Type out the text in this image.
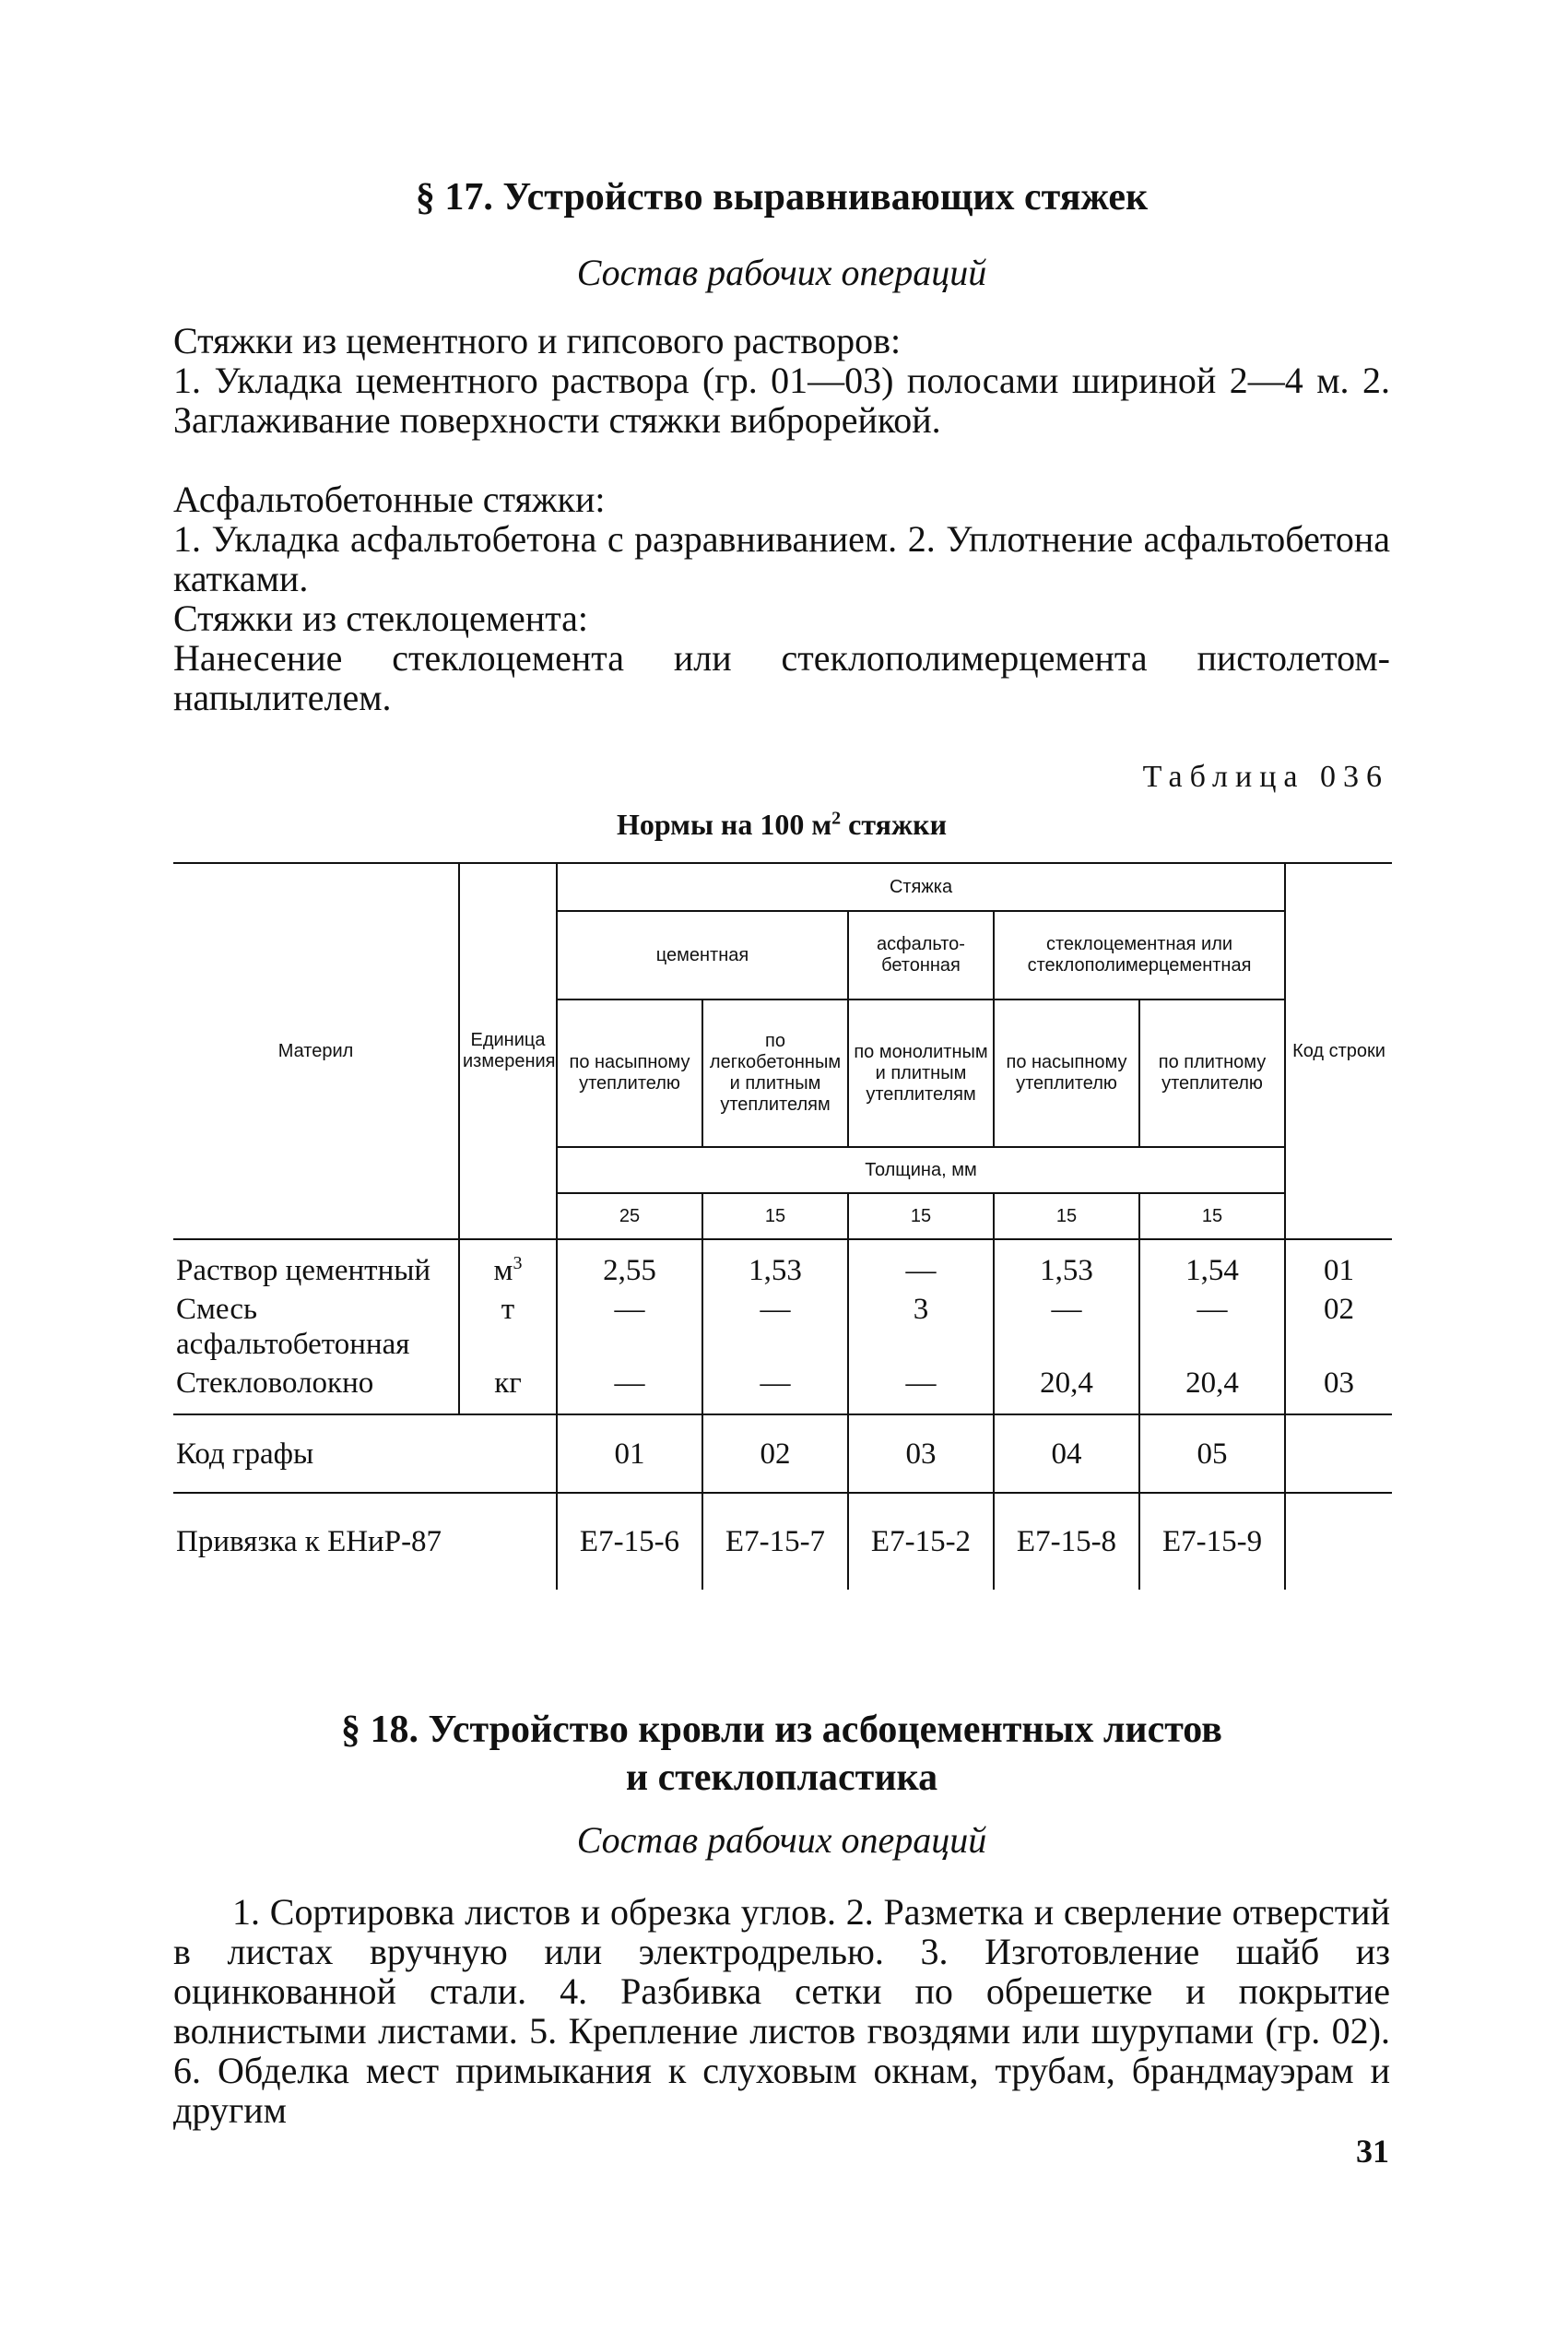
§ 17. Устройство выравнивающих стяжек

Состав рабочих операций

Стяжки из цементного и гипсового растворов:

1. Укладка цементного раствора (гр. 01—03) полосами шириной 2—4 м. 2. Заглаживание поверхности стяжки виброрейкой.

Асфальтобетонные стяжки:

1. Укладка асфальтобетона с разравниванием. 2. Уплотнение асфальтобетона катками.

Стяжки из стеклоцемента:

Нанесение стеклоцемента или стеклополимерцемента пистолетом-напылителем.

Таблица 036
Нормы на 100 $м^2$ стяжки
Материл	Единица измерения	Стяжка					Код строки
		цементная		асфальто-бетонная	стеклоцементная или стеклополимерцементная		
		по насыпному утеплителю	по легкобетонным и плитным утеплителям	по монолитным и плитным утеплителям	по насыпному утеплителю	по плитному утеплителю	
		Толщина, мм					
		25	15	15	15	15	
Раствор цементный	$м^3$	2,55	1,53	—	1,53	1,54	01
Смесь асфальтобетонная	т	—	—	3	—	—	02
Стекловолокно	кг	—	—	—	20,4	20,4	03
Код графы		01	02	03	04	05	
Привязка к ЕНиР-87		Е7-15-6	Е7-15-7	Е7-15-2	Е7-15-8	Е7-15-9	
§ 18. Устройство кровли из асбоцементных листов
и стеклопластика

Состав рабочих операций

1. Сортировка листов и обрезка углов. 2. Разметка и сверление отверстий в листах вручную или электродрелью. 3. Изготовление шайб из оцинкованной стали. 4. Разбивка сетки по обрешетке и покрытие волнистыми листами. 5. Крепление листов гвоздями или шурупами (гр. 02). 6. Обделка мест примыкания к слуховым окнам, трубам, брандмауэрам и другим

31
